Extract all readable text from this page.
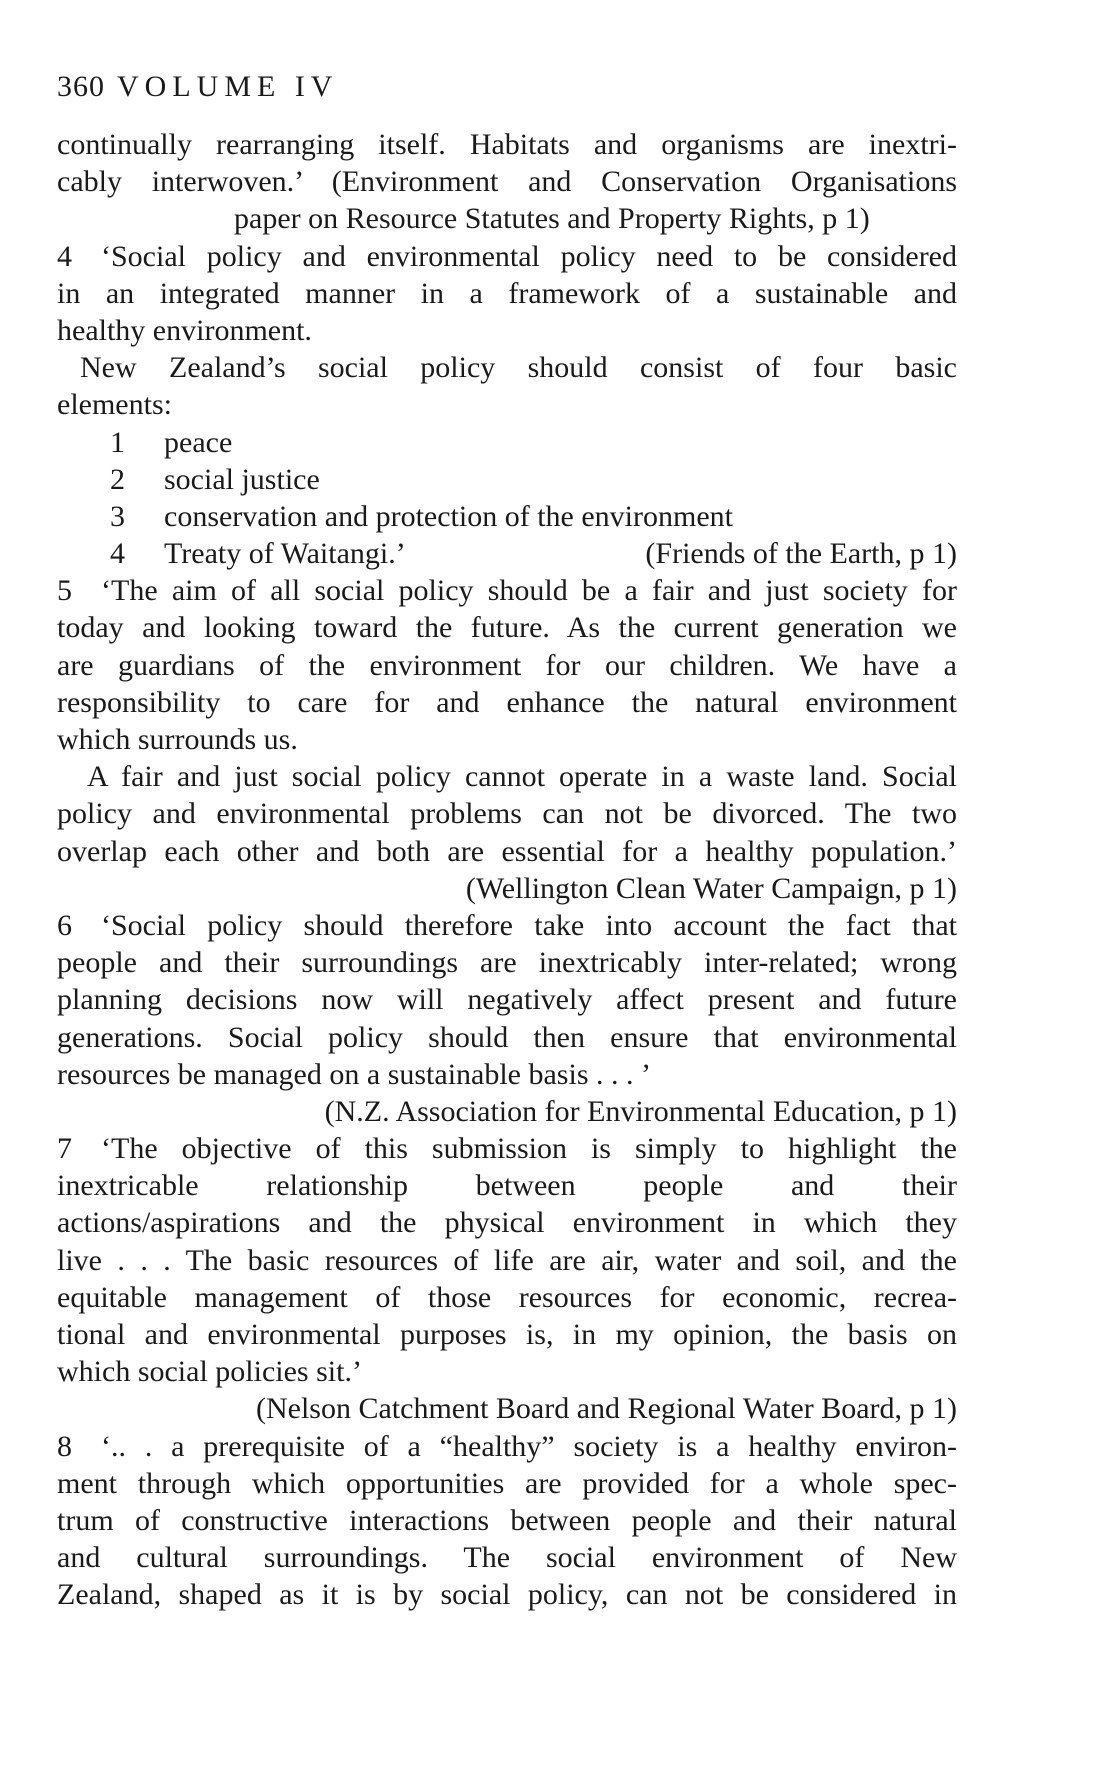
360 VOLUME IV
continually rearranging itself. Habitats and organisms are inextri-
cably interwoven.’ (Environment and Conservation Organisations
paper on Resource Statutes and Property Rights, p 1)
4 ‘Social policy and environmental policy need to be considered
in an integrated manner in a framework of a sustainable and
healthy environment.
New Zealand’s social policy should consist of four basic
elements:
1 peace
2 social justice
3 conservation and protection of the environment
4 Treaty of Waitangi.’	(Friends of the Earth, p 1)
5 ‘The aim of all social policy should be a fair and just society for
today and looking toward the future. As the current generation we
are guardians of the environment for our children. We have a
responsibility to care for and enhance the natural environment
which surrounds us.
A fair and just social policy cannot operate in a waste land. Social
policy and environmental problems can not be divorced. The two
overlap each other and both are essential for a healthy population.’
(Wellington Clean Water Campaign, p 1)
6 ‘Social policy should therefore take into account the fact that
people and their surroundings are inextricably inter-related; wrong
planning decisions now will negatively affect present and future
generations. Social policy should then ensure that environmental
resources be managed on a sustainable basis . . . ’
(N.Z. Association for Environmental Education, p 1)
7 ‘The objective of this submission is simply to highlight the
inextricable relationship between people and their
actions/aspirations and the physical environment in which they
live . . . The basic resources of life are air, water and soil, and the
equitable management of those resources for economic, recrea-
tional and environmental purposes is, in my opinion, the basis on
which social policies sit.’
(Nelson Catchment Board and Regional Water Board, p 1)
8 ‘.. . a prerequisite of a “healthy” society is a healthy environ-
ment through which opportunities are provided for a whole spec-
trum of constructive interactions between people and their natural
and cultural surroundings. The social environment of New
Zealand, shaped as it is by social policy, can not be considered in
